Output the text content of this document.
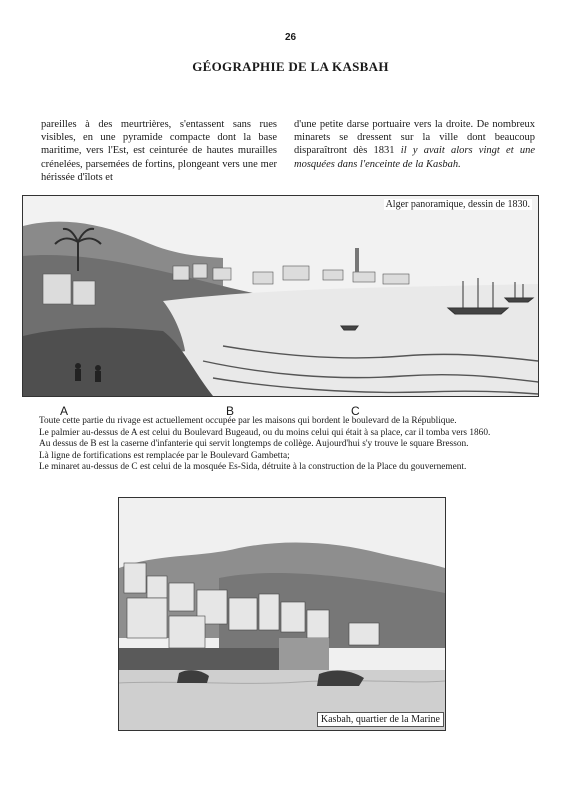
26
GÉOGRAPHIE DE LA KASBAH

pareilles à des meurtrières, s'entassent sans rues visibles, en une pyramide compacte dont la base maritime, vers l'Est, est ceinturée de hautes murailles crénelées, parsemées de fortins, plongeant vers une mer hérissée d'îlots et

d'une petite darse portuaire vers la droite. De nombreux minarets se dressent sur la ville dont beaucoup disparaîtront dès 1831 il y avait alors vingt et une mosquées dans l'enceinte de la Kasbah.

Alger panoramique, dessin de 1830.
A	B	C
Toute cette partie du rivage est actuellement occupée par les maisons qui bordent le boulevard de la République.
Le palmier au-dessus de A est celui du Boulevard Bugeaud, ou du moins celui qui était à sa place, car il tomba vers 1860.
Au dessus de B est la caserne d'infanterie qui servit longtemps de collège. Aujourd'hui s'y trouve le square Bresson.
Là ligne de fortifications est remplacée par le Boulevard Gambetta;
Le minaret au-dessus de C est celui de la mosquée Es-Sida, détruite à la construction de la Place du gouvernement.
Kasbah, quartier de la Marine
